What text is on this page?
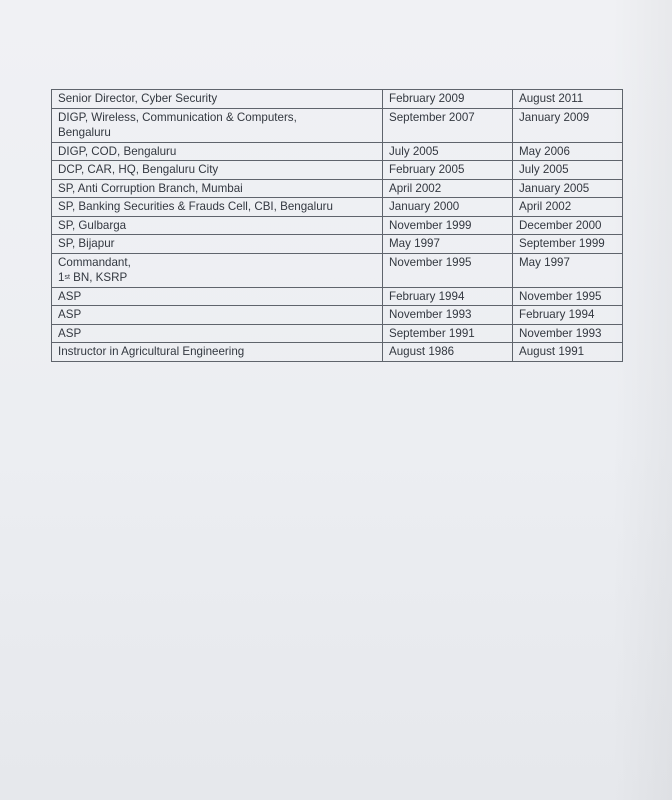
Senior Director, Cyber Security	February 2009	August 2011
DIGP, Wireless, Communication & Computers,
Bengaluru	September 2007	January 2009
DIGP, COD, Bengaluru	July 2005	May 2006
DCP, CAR, HQ, Bengaluru City	February 2005	July 2005
SP, Anti Corruption Branch, Mumbai	April 2002	January 2005
SP, Banking Securities & Frauds Cell, CBI, Bengaluru	January 2000	April 2002
SP, Gulbarga	November 1999	December 2000
SP, Bijapur	May 1997	September 1999
Commandant,
1st BN, KSRP	November 1995	May 1997
ASP	February 1994	November 1995
ASP	November 1993	February 1994
ASP	September 1991	November 1993
Instructor in Agricultural Engineering	August 1986	August 1991
